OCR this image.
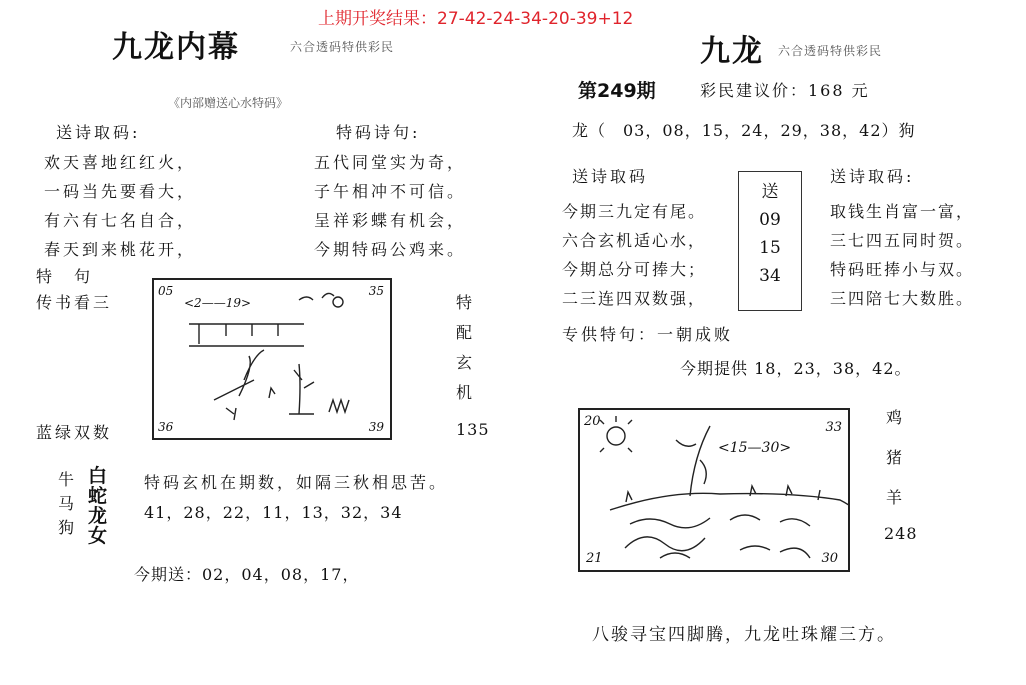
上期开奖结果：27-42-24-34-20-39+12
九龙内幕	六合透码特供彩民
《内部赠送心水特码》
送诗取码:
欢天喜地红红火，
一码当先要看大，
有六有七名自合，
春天到来桃花开，
特码诗句:
五代同堂实为奇，
子午相冲不可信。
呈祥彩蝶有机会，
今期特码公鸡来。
特　句
传书看三
蓝绿双数
05	35
36	39
<2——19>	特
配
玄
机
135
牛
马
狗
白
蛇
龙
女
特码玄机在期数，如隔三秋相思苦。
41，28，22，11，13，32，34
今期送：02，04，08，17，
九龙 六合透码特供彩民
第249期	彩民建议价：168 元
龙（　03，08，15，24，29，38，42）狗
送诗取码
今期三九定有尾。
六合玄机适心水，
今期总分可捧大；
二三连四双数强，
送
09
15
34
送诗取码:
取钱生肖富一富，
三七四五同时贺。
特码旺捧小与双。
三四陪七大数胜。
专供特句：一朝成败
今期提供 18，23，38，42。
20	33
21	30
<15—30>
鸡
猪
羊
248
八骏寻宝四脚腾，九龙吐珠耀三方。
